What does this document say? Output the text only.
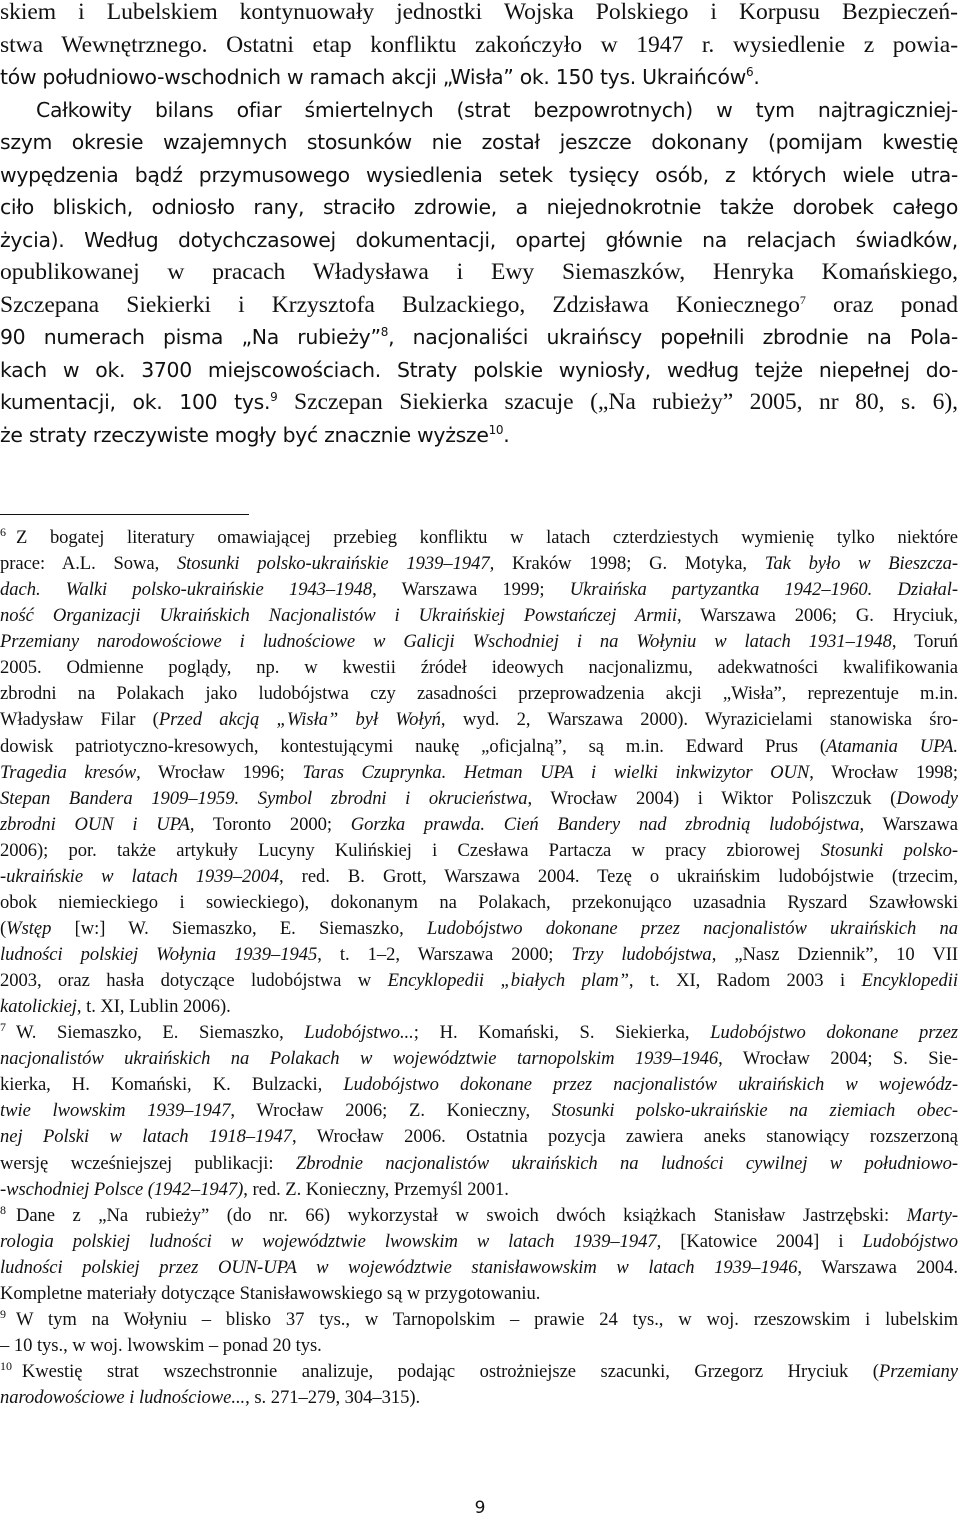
skiem i Lubelskiem kontynuowały jednostki Wojska Polskiego i Korpusu Bezpieczeń-
stwa Wewnętrznego. Ostatni etap konfliktu zakończyło w 1947 r. wysiedlenie z powia-
tów południowo-wschodnich w ramach akcji „Wisła” ok. 150 tys. Ukraińców$^6$.
Całkowity bilans ofiar śmiertelnych (strat bezpowrotnych) w tym najtragiczniej-
szym okresie wzajemnych stosunków nie został jeszcze dokonany (pomijam kwestię
wypędzenia bądź przymusowego wysiedlenia setek tysięcy osób, z których wiele utra-
ciło bliskich, odniosło rany, straciło zdrowie, a niejednokrotnie także dorobek całego
życia). Według dotychczasowej dokumentacji, opartej głównie na relacjach świadków,
opublikowanej w pracach Władysława i Ewy Siemaszków, Henryka Komańskiego,
Szczepana Siekierki i Krzysztofa Bulzackiego, Zdzisława Koniecznego$^7$ oraz ponad
90 numerach pisma „Na rubieży”$^8$, nacjonaliści ukraińscy popełnili zbrodnie na Pola-
kach w ok. 3700 miejscowościach. Straty polskie wyniosły, według tejże niepełnej do-
kumentacji, ok. 100 tys.$^9$ Szczepan Siekierka szacuje („Na rubieży” 2005, nr 80, s. 6),
że straty rzeczywiste mogły być znacznie wyższe$^{10}$.
$^6$ Z bogatej literatury omawiającej przebieg konfliktu w latach czterdziestych wymienię tylko niektóre
prace: A.L. Sowa, Stosunki polsko-ukraińskie 1939–1947, Kraków 1998; G. Motyka, Tak było w Bieszcza-
dach. Walki polsko-ukraińskie 1943–1948, Warszawa 1999; Ukraińska partyzantka 1942–1960. Działal-
ność Organizacji Ukraińskich Nacjonalistów i Ukraińskiej Powstańczej Armii, Warszawa 2006; G. Hryciuk,
Przemiany narodowościowe i ludnościowe w Galicji Wschodniej i na Wołyniu w latach 1931–1948, Toruń
2005. Odmienne poglądy, np. w kwestii źródeł ideowych nacjonalizmu, adekwatności kwalifikowania
zbrodni na Polakach jako ludobójstwa czy zasadności przeprowadzenia akcji „Wisła”, reprezentuje m.in.
Władysław Filar (Przed akcją „Wisła” był Wołyń, wyd. 2, Warszawa 2000). Wyrazicielami stanowiska śro-
dowisk patriotyczno-kresowych, kontestującymi naukę „oficjalną”, są m.in. Edward Prus (Atamania UPA.
Tragedia kresów, Wrocław 1996; Taras Czuprynka. Hetman UPA i wielki inkwizytor OUN, Wrocław 1998;
Stepan Bandera 1909–1959. Symbol zbrodni i okrucieństwa, Wrocław 2004) i Wiktor Poliszczuk (Dowody
zbrodni OUN i UPA, Toronto 2000; Gorzka prawda. Cień Bandery nad zbrodnią ludobójstwa, Warszawa
2006); por. także artykuły Lucyny Kulińskiej i Czesława Partacza w pracy zbiorowej Stosunki polsko-
-ukraińskie w latach 1939–2004, red. B. Grott, Warszawa 2004. Tezę o ukraińskim ludobójstwie (trzecim,
obok niemieckiego i sowieckiego), dokonanym na Polakach, przekonująco uzasadnia Ryszard Szawłowski
(Wstęp [w:] W. Siemaszko, E. Siemaszko, Ludobójstwo dokonane przez nacjonalistów ukraińskich na
ludności polskiej Wołynia 1939–1945, t. 1–2, Warszawa 2000; Trzy ludobójstwa, „Nasz Dziennik”, 10 VII
2003, oraz hasła dotyczące ludobójstwa w Encyklopedii „białych plam”, t. XI, Radom 2003 i Encyklopedii
katolickiej, t. XI, Lublin 2006).
$^7$ W. Siemaszko, E. Siemaszko, Ludobójstwo...; H. Komański, S. Siekierka, Ludobójstwo dokonane przez
nacjonalistów ukraińskich na Polakach w województwie tarnopolskim 1939–1946, Wrocław 2004; S. Sie-
kierka, H. Komański, K. Bulzacki, Ludobójstwo dokonane przez nacjonalistów ukraińskich w wojewódz-
twie lwowskim 1939–1947, Wrocław 2006; Z. Konieczny, Stosunki polsko-ukraińskie na ziemiach obec-
nej Polski w latach 1918–1947, Wrocław 2006. Ostatnia pozycja zawiera aneks stanowiący rozszerzoną
wersję wcześniejszej publikacji: Zbrodnie nacjonalistów ukraińskich na ludności cywilnej w południowo-
-wschodniej Polsce (1942–1947), red. Z. Konieczny, Przemyśl 2001.
$^8$ Dane z „Na rubieży” (do nr. 66) wykorzystał w swoich dwóch książkach Stanisław Jastrzębski: Marty-
rologia polskiej ludności w województwie lwowskim w latach 1939–1947, [Katowice 2004] i Ludobójstwo
ludności polskiej przez OUN-UPA w województwie stanisławowskim w latach 1939–1946, Warszawa 2004.
Kompletne materiały dotyczące Stanisławowskiego są w przygotowaniu.
$^9$ W tym na Wołyniu – blisko 37 tys., w Tarnopolskim – prawie 24 tys., w woj. rzeszowskim i lubelskim
– 10 tys., w woj. lwowskim – ponad 20 tys.
$^{10}$ Kwestię strat wszechstronnie analizuje, podając ostrożniejsze szacunki, Grzegorz Hryciuk (Przemiany
narodowościowe i ludnościowe..., s. 271–279, 304–315).
9
